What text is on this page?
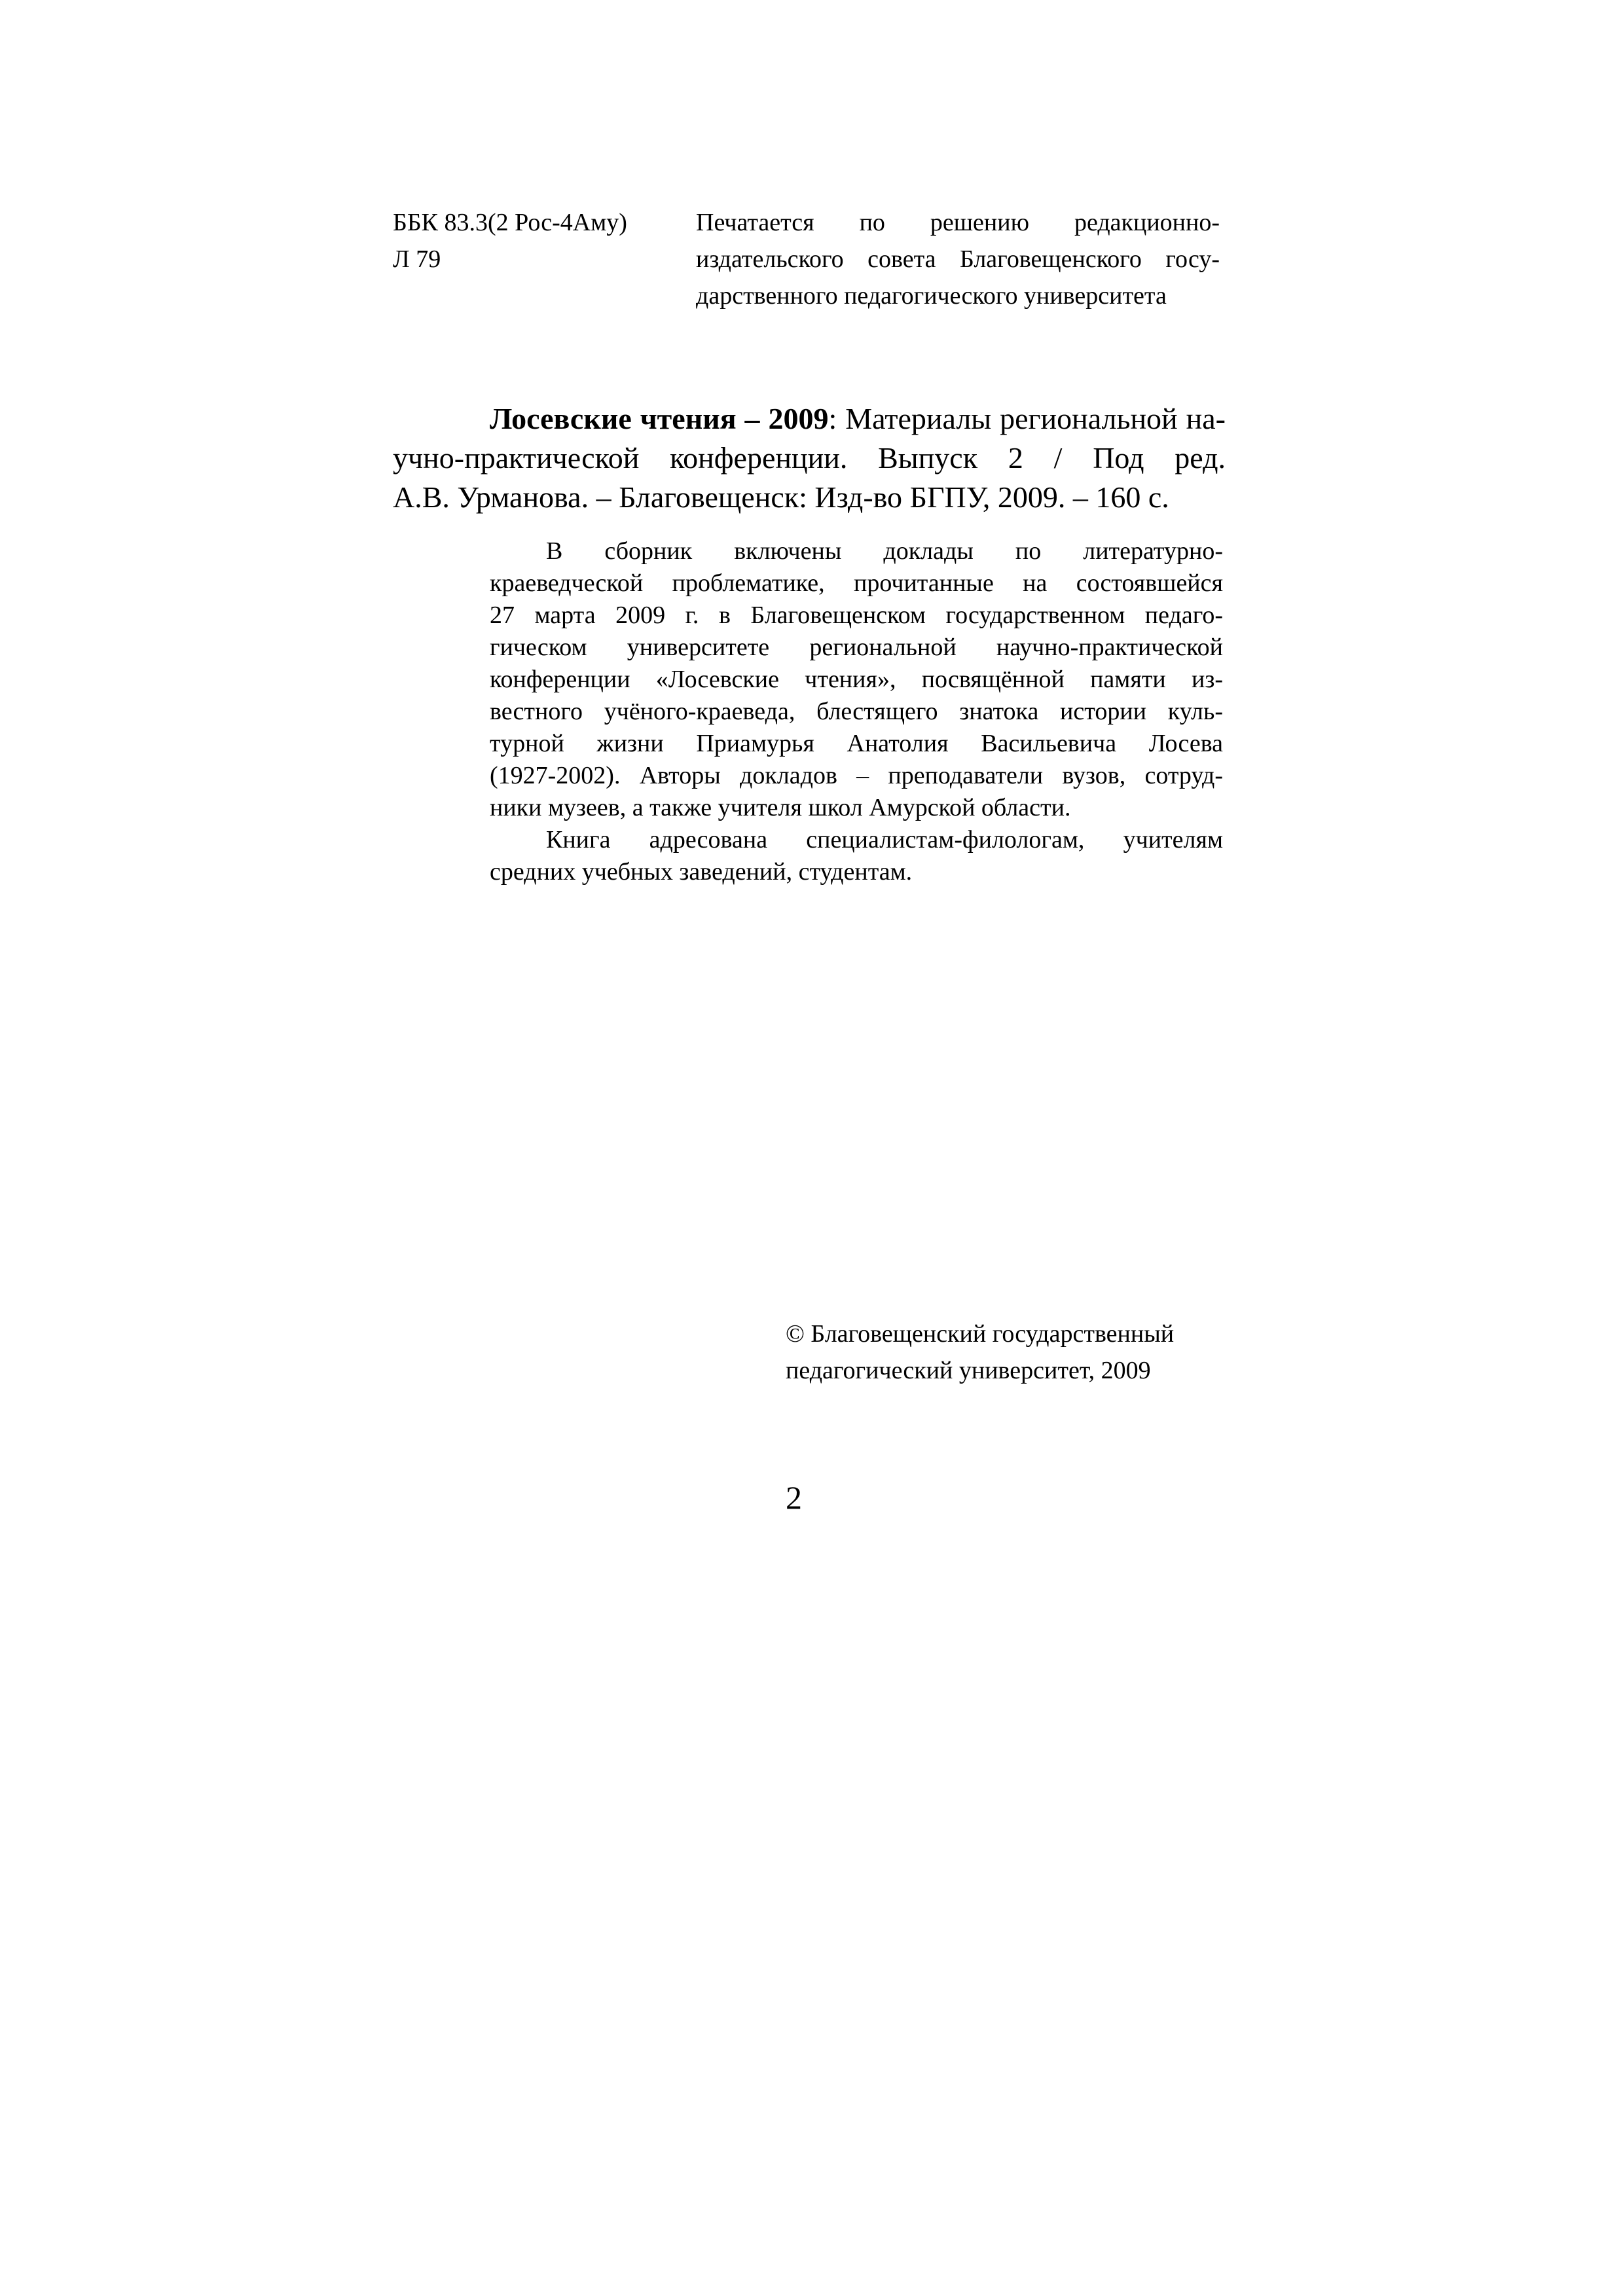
ББК 83.3(2 Рос-4Аму)
Л 79
Печатается по решению редакционно-
издательского совета Благовещенского госу-
дарственного педагогического университета
Лосевские чтения – 2009: Материалы региональной на-
учно-практической конференции. Выпуск 2 / Под ред.
А.В. Урманова. – Благовещенск: Изд-во БГПУ, 2009. – 160 с.
В сборник включены доклады по литературно-
краеведческой проблематике, прочитанные на состоявшейся
27 марта 2009 г. в Благовещенском государственном педаго-
гическом университете региональной научно-практической
конференции «Лосевские чтения», посвящённой памяти из-
вестного учёного-краеведа, блестящего знатока истории куль-
турной жизни Приамурья Анатолия Васильевича Лосева
(1927-2002). Авторы докладов – преподаватели вузов, сотруд-
ники музеев, а также учителя школ Амурской области.
Книга адресована специалистам-филологам, учителям
средних учебных заведений, студентам.
© Благовещенский государственный
педагогический университет, 2009
2
